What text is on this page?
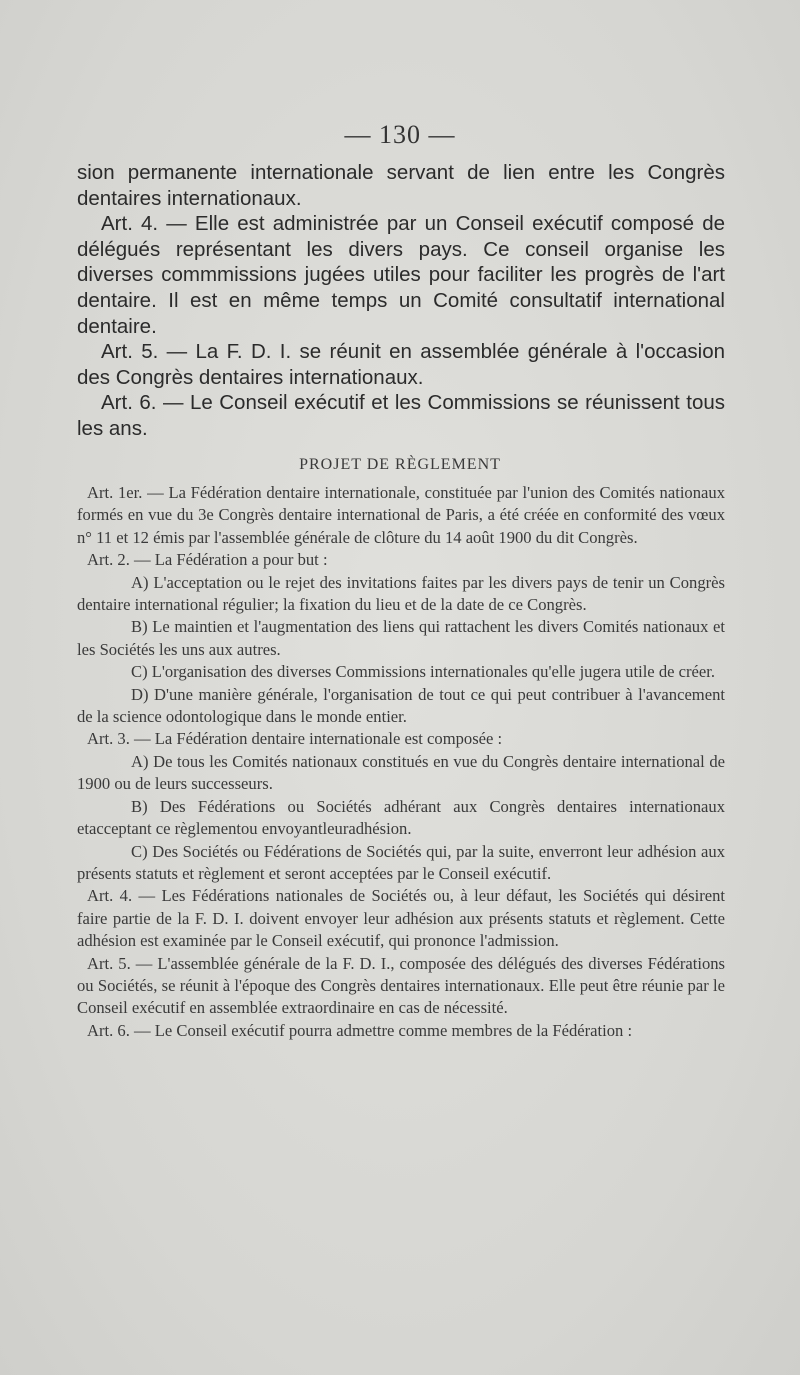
— 130 —

sion permanente internationale servant de lien entre les Congrès dentaires internationaux.

Art. 4. — Elle est administrée par un Conseil exécutif composé de délégués représentant les divers pays. Ce conseil organise les diverses commmissions jugées utiles pour faciliter les progrès de l'art dentaire. Il est en même temps un Comité consultatif international dentaire.

Art. 5. — La F. D. I. se réunit en assemblée générale à l'occasion des Congrès dentaires internationaux.

Art. 6. — Le Conseil exécutif et les Commissions se réunissent tous les ans.

PROJET DE RÈGLEMENT

Art. 1er. — La Fédération dentaire internationale, constituée par l'union des Comités nationaux formés en vue du 3e Congrès dentaire international de Paris, a été créée en conformité des vœux n° 11 et 12 émis par l'assemblée générale de clôture du 14 août 1900 du dit Congrès.

Art. 2. — La Fédération a pour but :

A) L'acceptation ou le rejet des invitations faites par les divers pays de tenir un Congrès dentaire international régulier; la fixation du lieu et de la date de ce Congrès.

B) Le maintien et l'augmentation des liens qui rattachent les divers Comités nationaux et les Sociétés les uns aux autres.

C) L'organisation des diverses Commissions internationales qu'elle jugera utile de créer.

D) D'une manière générale, l'organisation de tout ce qui peut contribuer à l'avancement de la science odontologique dans le monde entier.

Art. 3. — La Fédération dentaire internationale est composée :

A) De tous les Comités nationaux constitués en vue du Congrès dentaire international de 1900 ou de leurs successeurs.

B) Des Fédérations ou Sociétés adhérant aux Congrès dentaires internationaux etacceptant ce règlementou envoyantleuradhésion.

C) Des Sociétés ou Fédérations de Sociétés qui, par la suite, enverront leur adhésion aux présents statuts et règlement et seront acceptées par le Conseil exécutif.

Art. 4. — Les Fédérations nationales de Sociétés ou, à leur défaut, les Sociétés qui désirent faire partie de la F. D. I. doivent envoyer leur adhésion aux présents statuts et règlement. Cette adhésion est examinée par le Conseil exécutif, qui prononce l'admission.

Art. 5. — L'assemblée générale de la F. D. I., composée des délégués des diverses Fédérations ou Sociétés, se réunit à l'époque des Congrès dentaires internationaux. Elle peut être réunie par le Conseil exécutif en assemblée extraordinaire en cas de nécessité.

Art. 6. — Le Conseil exécutif pourra admettre comme membres de la Fédération :
